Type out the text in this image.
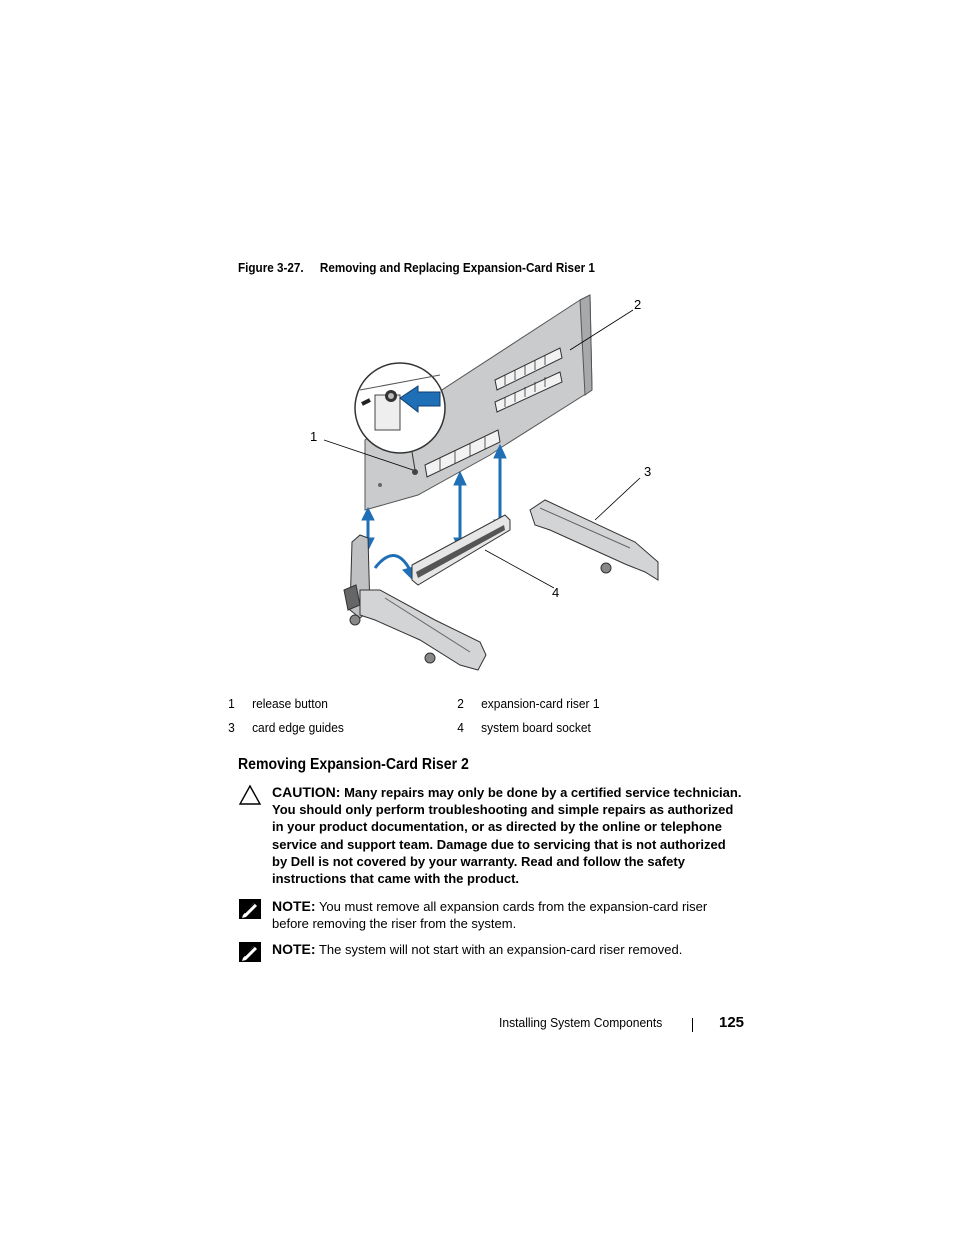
Figure 3-27. Removing and Replacing Expansion-Card Riser 1
1
2
3
4
1 release button	2 expansion-card riser 1
3 card edge guides	4 system board socket
Removing Expansion-Card Riser 2
CAUTION: Many repairs may only be done by a certified service technician. You should only perform troubleshooting and simple repairs as authorized in your product documentation, or as directed by the online or telephone service and support team. Damage due to servicing that is not authorized by Dell is not covered by your warranty. Read and follow the safety instructions that came with the product.
NOTE: You must remove all expansion cards from the expansion-card riser before removing the riser from the system.
NOTE: The system will not start with an expansion-card riser removed.
Installing System Components	125
